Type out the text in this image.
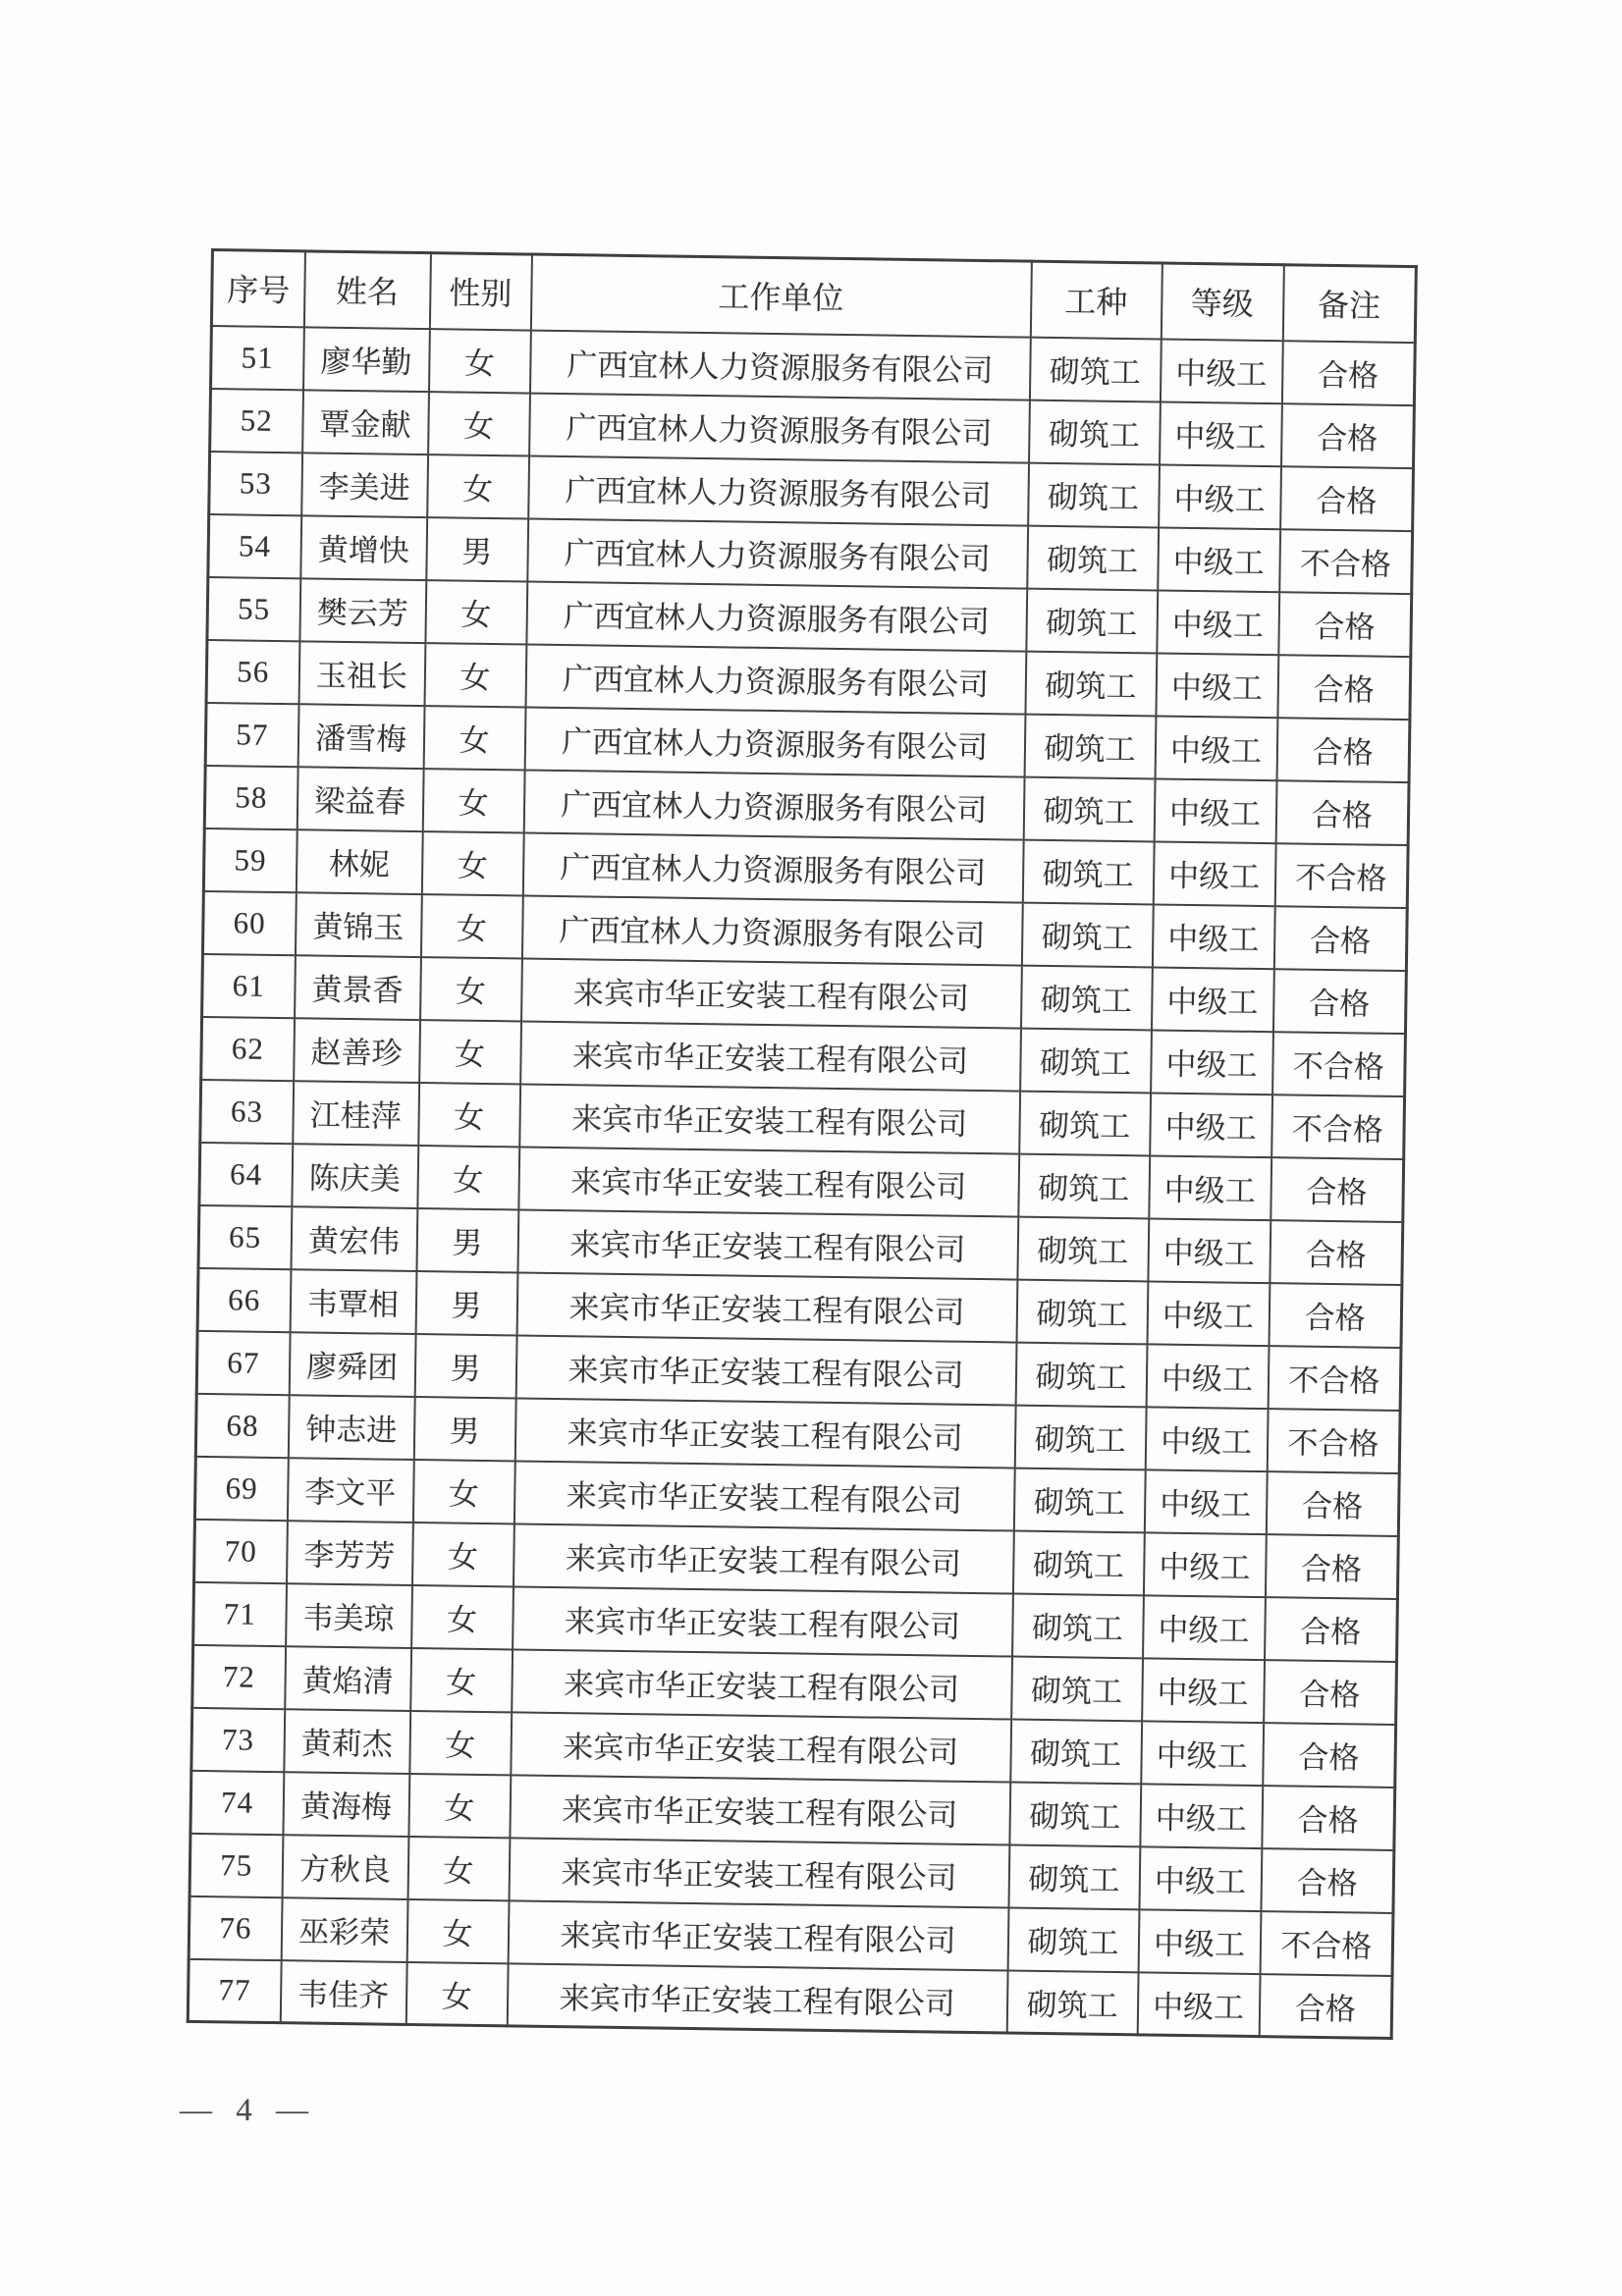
序号	姓名	性别	工作单位	工种	等级	备注
51	廖华勤	女	广西宜林人力资源服务有限公司	砌筑工	中级工	合格
52	覃金献	女	广西宜林人力资源服务有限公司	砌筑工	中级工	合格
53	李美进	女	广西宜林人力资源服务有限公司	砌筑工	中级工	合格
54	黄增快	男	广西宜林人力资源服务有限公司	砌筑工	中级工	不合格
55	樊云芳	女	广西宜林人力资源服务有限公司	砌筑工	中级工	合格
56	玉祖长	女	广西宜林人力资源服务有限公司	砌筑工	中级工	合格
57	潘雪梅	女	广西宜林人力资源服务有限公司	砌筑工	中级工	合格
58	梁益春	女	广西宜林人力资源服务有限公司	砌筑工	中级工	合格
59	林妮	女	广西宜林人力资源服务有限公司	砌筑工	中级工	不合格
60	黄锦玉	女	广西宜林人力资源服务有限公司	砌筑工	中级工	合格
61	黄景香	女	来宾市华正安装工程有限公司	砌筑工	中级工	合格
62	赵善珍	女	来宾市华正安装工程有限公司	砌筑工	中级工	不合格
63	江桂萍	女	来宾市华正安装工程有限公司	砌筑工	中级工	不合格
64	陈庆美	女	来宾市华正安装工程有限公司	砌筑工	中级工	合格
65	黄宏伟	男	来宾市华正安装工程有限公司	砌筑工	中级工	合格
66	韦覃相	男	来宾市华正安装工程有限公司	砌筑工	中级工	合格
67	廖舜团	男	来宾市华正安装工程有限公司	砌筑工	中级工	不合格
68	钟志进	男	来宾市华正安装工程有限公司	砌筑工	中级工	不合格
69	李文平	女	来宾市华正安装工程有限公司	砌筑工	中级工	合格
70	李芳芳	女	来宾市华正安装工程有限公司	砌筑工	中级工	合格
71	韦美琼	女	来宾市华正安装工程有限公司	砌筑工	中级工	合格
72	黄焰清	女	来宾市华正安装工程有限公司	砌筑工	中级工	合格
73	黄莉杰	女	来宾市华正安装工程有限公司	砌筑工	中级工	合格
74	黄海梅	女	来宾市华正安装工程有限公司	砌筑工	中级工	合格
75	方秋良	女	来宾市华正安装工程有限公司	砌筑工	中级工	合格
76	巫彩荣	女	来宾市华正安装工程有限公司	砌筑工	中级工	不合格
77	韦佳齐	女	来宾市华正安装工程有限公司	砌筑工	中级工	合格
— 4 —
